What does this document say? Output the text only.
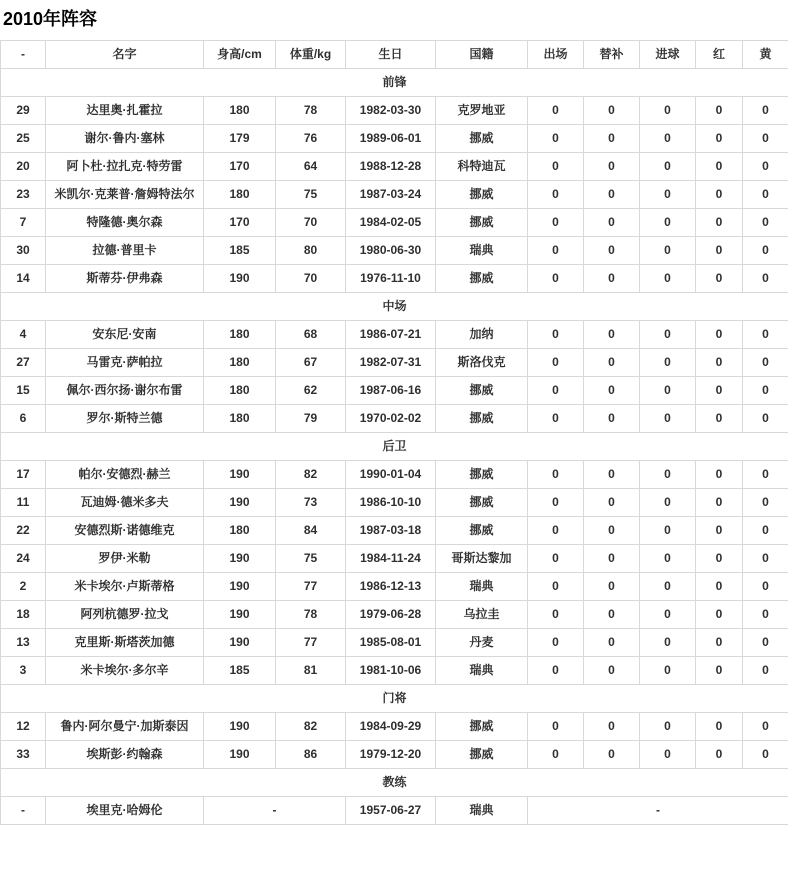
2010年阵容
-	名字	身高/cm	体重/kg	生日	国籍	出场	替补	进球	红	黄
前锋										
29	达里奥·扎霍拉	180	78	1982-03-30	克罗地亚	0	0	0	0	0
25	谢尔·鲁内·塞林	179	76	1989-06-01	挪威	0	0	0	0	0
20	阿卜杜·拉扎克·特劳雷	170	64	1988-12-28	科特迪瓦	0	0	0	0	0
23	米凯尔·克莱普·詹姆特法尔	180	75	1987-03-24	挪威	0	0	0	0	0
7	特隆德·奥尔森	170	70	1984-02-05	挪威	0	0	0	0	0
30	拉德·普里卡	185	80	1980-06-30	瑞典	0	0	0	0	0
14	斯蒂芬·伊弗森	190	70	1976-11-10	挪威	0	0	0	0	0
中场										
4	安东尼·安南	180	68	1986-07-21	加纳	0	0	0	0	0
27	马雷克·萨帕拉	180	67	1982-07-31	斯洛伐克	0	0	0	0	0
15	佩尔·西尔扬·谢尔布雷	180	62	1987-06-16	挪威	0	0	0	0	0
6	罗尔·斯特兰德	180	79	1970-02-02	挪威	0	0	0	0	0
后卫										
17	帕尔·安德烈·赫兰	190	82	1990-01-04	挪威	0	0	0	0	0
11	瓦迪姆·德米多夫	190	73	1986-10-10	挪威	0	0	0	0	0
22	安德烈斯·诺德维克	180	84	1987-03-18	挪威	0	0	0	0	0
24	罗伊·米勒	190	75	1984-11-24	哥斯达黎加	0	0	0	0	0
2	米卡埃尔·卢斯蒂格	190	77	1986-12-13	瑞典	0	0	0	0	0
18	阿列杭德罗·拉戈	190	78	1979-06-28	乌拉圭	0	0	0	0	0
13	克里斯·斯塔茨加德	190	77	1985-08-01	丹麦	0	0	0	0	0
3	米卡埃尔·多尔辛	185	81	1981-10-06	瑞典	0	0	0	0	0
门将										
12	鲁内·阿尔曼宁·加斯泰因	190	82	1984-09-29	挪威	0	0	0	0	0
33	埃斯彭·约翰森	190	86	1979-12-20	挪威	0	0	0	0	0
教练										
-	埃里克·哈姆伦	-		1957-06-27	瑞典	-				
